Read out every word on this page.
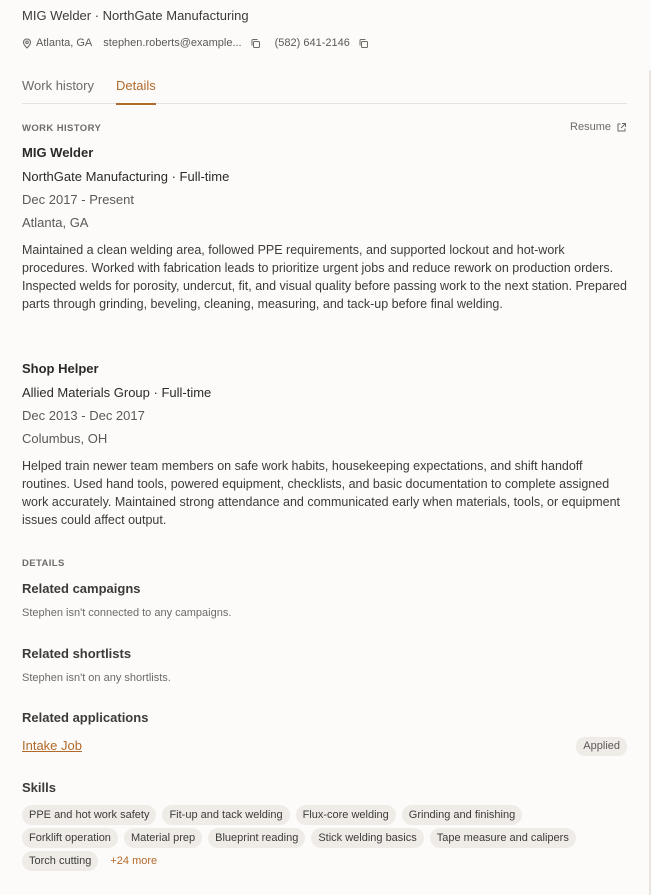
MIG Welder · NorthGate Manufacturing
Atlanta, GA stephen.roberts@example...	(582) 641-2146
Work history Details
WORK HISTORY	Resume
MIG Welder
NorthGate Manufacturing · Full-time
Dec 2017 - Present
Atlanta, GA
Maintained a clean welding area, followed PPE requirements, and supported lockout and hot-work procedures. Worked with fabrication leads to prioritize urgent jobs and reduce rework on production orders. Inspected welds for porosity, undercut, fit, and visual quality before passing work to the next station. Prepared parts through grinding, beveling, cleaning, measuring, and tack-up before final welding.
Shop Helper
Allied Materials Group · Full-time
Dec 2013 - Dec 2017
Columbus, OH
Helped train newer team members on safe work habits, housekeeping expectations, and shift handoff routines. Used hand tools, powered equipment, checklists, and basic documentation to complete assigned work accurately. Maintained strong attendance and communicated early when materials, tools, or equipment issues could affect output.
DETAILS
Related campaigns
Stephen isn't connected to any campaigns.
Related shortlists
Stephen isn't on any shortlists.
Related applications
Intake Job	Applied
Skills
PPE and hot work safety	Fit-up and tack welding	Flux-core welding	Grinding and finishing
Forklift operation	Material prep	Blueprint reading	Stick welding basics	Tape measure and calipers
Torch cutting	+24 more
